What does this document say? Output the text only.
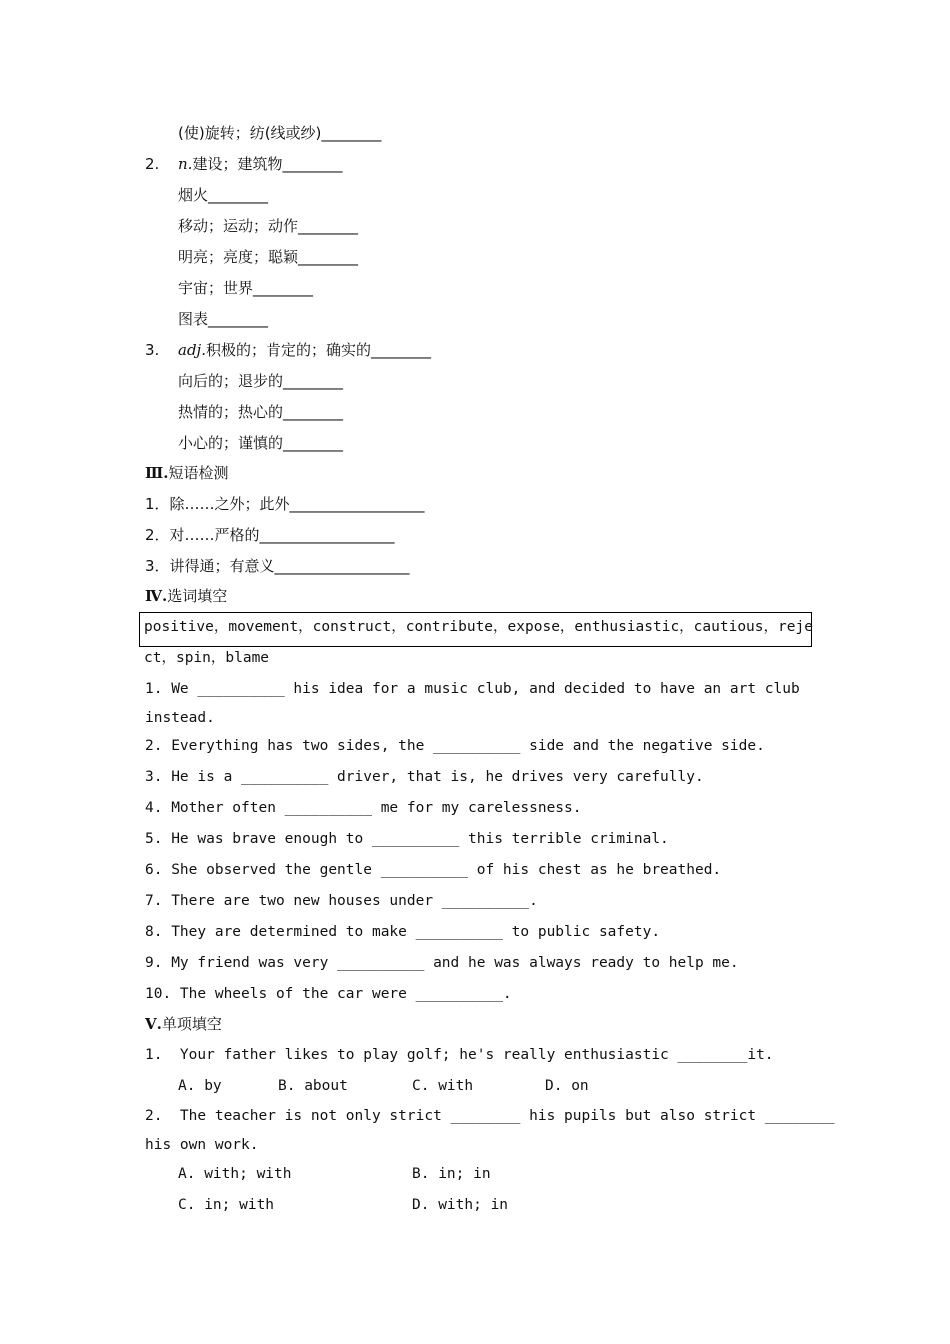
(使)旋转；纺(线或纱)________
2. n.建设；建筑物________
烟火________
移动；运动；动作________
明亮；亮度；聪颖________
宇宙；世界________
图表________
3. adj.积极的；肯定的；确实的________
向后的；退步的________
热情的；热心的________
小心的；谨慎的________
Ⅲ.短语检测
1．除……之外；此外__________________
2．对……严格的__________________
3．讲得通；有意义__________________
Ⅳ.选词填空
positive，movement，construct，contribute，expose，enthusiastic，cautious，reje
ct，spin，blame
1. We __________ his idea for a music club, and decided to have an art club
instead.
2. Everything has two sides, the __________ side and the negative side.
3. He is a __________ driver, that is, he drives very carefully.
4. Mother often __________ me for my carelessness.
5. He was brave enough to __________ this terrible criminal.
6. She observed the gentle __________ of his chest as he breathed.
7. There are two new houses under __________.
8. They are determined to make __________ to public safety.
9. My friend was very __________ and he was always ready to help me.
10. The wheels of the car were __________.
Ⅴ.单项填空
1.  Your father likes to play golf; he's really enthusiastic ________it.
A. by	B. about	C. with	D. on
2.  The teacher is not only strict ________ his pupils but also strict ________
his own work.
A. with; with	B. in; in
C. in; with	D. with; in
